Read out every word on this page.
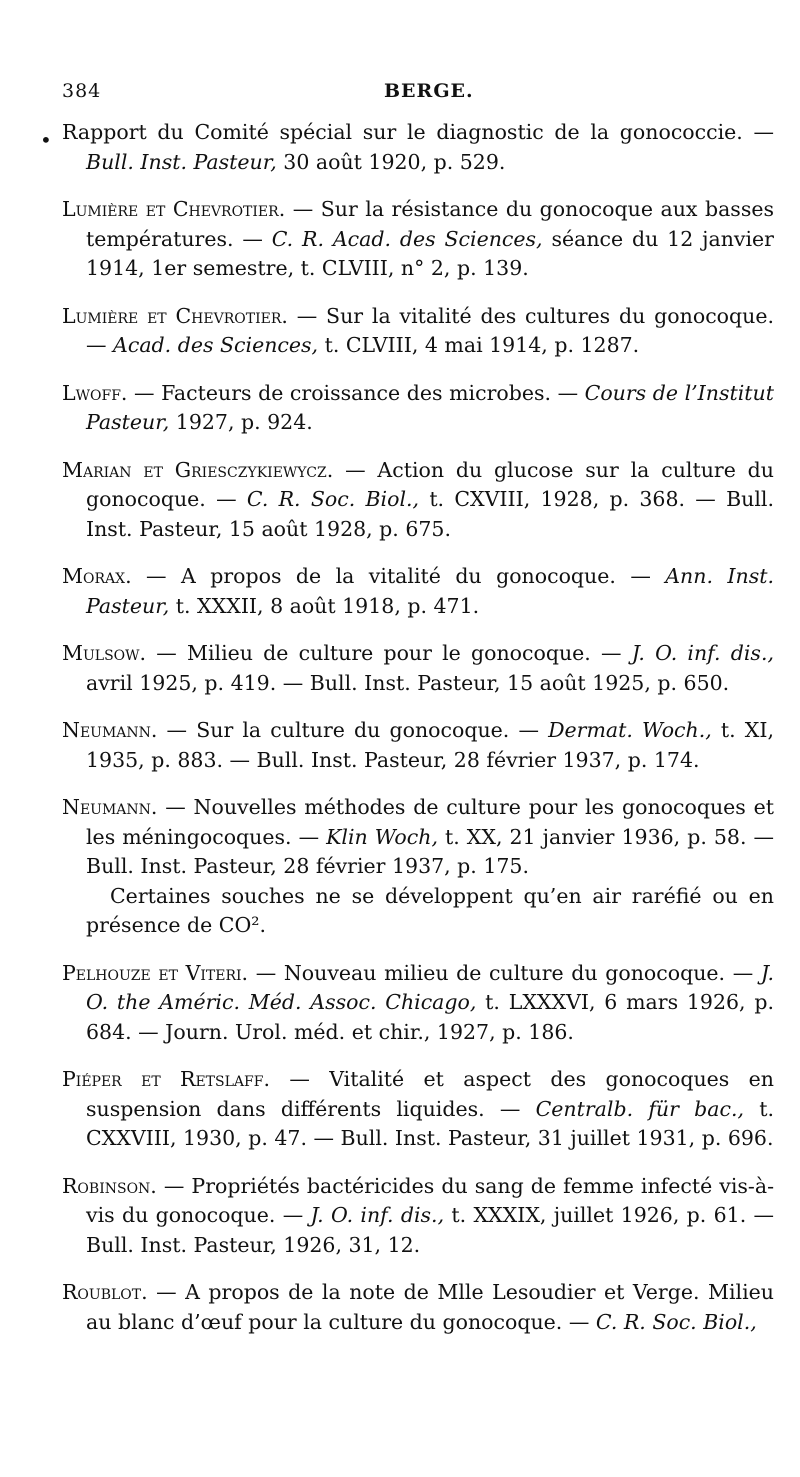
384	BERGE.
• Rapport du Comité spécial sur le diagnostic de la gonococcie. — Bull. Inst. Pasteur, 30 août 1920, p. 529.
Lumière et Chevrotier. — Sur la résistance du gonocoque aux basses températures. — C. R. Acad. des Sciences, séance du 12 janvier 1914, 1er semestre, t. CLVIII, n° 2, p. 139.
Lumière et Chevrotier. — Sur la vitalité des cultures du gonocoque. — Acad. des Sciences, t. CLVIII, 4 mai 1914, p. 1287.
Lwoff. — Facteurs de croissance des microbes. — Cours de l’Institut Pasteur, 1927, p. 924.
Marian et Griesczykiewycz. — Action du glucose sur la culture du gonocoque. — C. R. Soc. Biol., t. CXVIII, 1928, p. 368. — Bull. Inst. Pasteur, 15 août 1928, p. 675.
Morax. — A propos de la vitalité du gonocoque. — Ann. Inst. Pasteur, t. XXXII, 8 août 1918, p. 471.
Mulsow. — Milieu de culture pour le gonocoque. — J. O. inf. dis., avril 1925, p. 419. — Bull. Inst. Pasteur, 15 août 1925, p. 650.
Neumann. — Sur la culture du gonocoque. — Dermat. Woch., t. XI, 1935, p. 883. — Bull. Inst. Pasteur, 28 février 1937, p. 174.
Neumann. — Nouvelles méthodes de culture pour les gonocoques et les méningocoques. — Klin Woch, t. XX, 21 janvier 1936, p. 58. — Bull. Inst. Pasteur, 28 février 1937, p. 175.
Certaines souches ne se développent qu’en air raréfié ou en présence de CO².
Pelhouze et Viteri. — Nouveau milieu de culture du gonocoque. — J. O. the Améric. Méd. Assoc. Chicago, t. LXXXVI, 6 mars 1926, p. 684. — Journ. Urol. méd. et chir., 1927, p. 186.
Piéper et Retslaff. — Vitalité et aspect des gonocoques en suspension dans différents liquides. — Centralb. für bac., t. CXXVIII, 1930, p. 47. — Bull. Inst. Pasteur, 31 juillet 1931, p. 696.
Robinson. — Propriétés bactéricides du sang de femme infecté vis-à-vis du gonocoque. — J. O. inf. dis., t. XXXIX, juillet 1926, p. 61. — Bull. Inst. Pasteur, 1926, 31, 12.
Roublot. — A propos de la note de Mlle Lesoudier et Verge. Milieu au blanc d’œuf pour la culture du gonocoque. — C. R. Soc. Biol.,
